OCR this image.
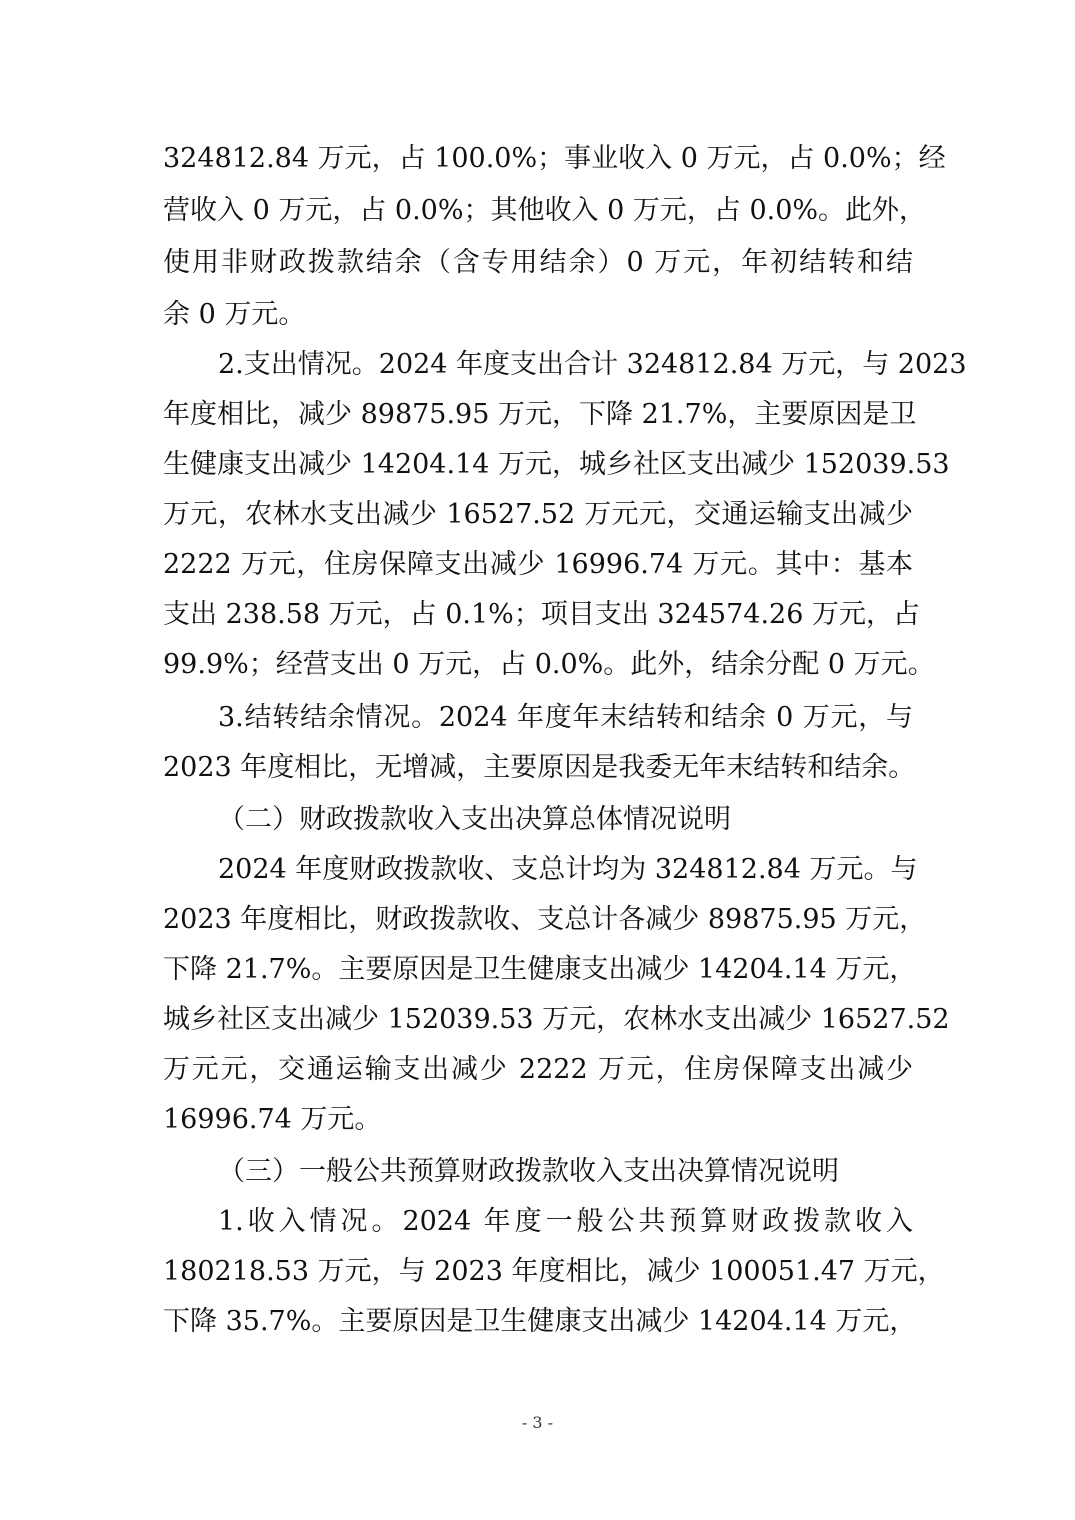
324812.84 万元，占 100.0%；事业收入 0 万元，占 0.0%；经
营收入 0 万元，占 0.0%；其他收入 0 万元，占 0.0%。此外，
使用非财政拨款结余（含专用结余）0 万元，年初结转和结
余 0 万元。
2.支出情况。2024 年度支出合计 324812.84 万元，与 2023
年度相比，减少 89875.95 万元，下降 21.7%，主要原因是卫
生健康支出减少 14204.14 万元，城乡社区支出减少 152039.53
万元，农林水支出减少 16527.52 万元元，交通运输支出减少
2222 万元，住房保障支出减少 16996.74 万元。其中：基本
支出 238.58 万元，占 0.1%；项目支出 324574.26 万元，占
99.9%；经营支出 0 万元，占 0.0%。此外，结余分配 0 万元。
3.结转结余情况。2024 年度年末结转和结余 0 万元，与
2023 年度相比，无增减，主要原因是我委无年末结转和结余。
（二）财政拨款收入支出决算总体情况说明
2024 年度财政拨款收、支总计均为 324812.84 万元。与
2023 年度相比，财政拨款收、支总计各减少 89875.95 万元，
下降 21.7%。主要原因是卫生健康支出减少 14204.14 万元，
城乡社区支出减少 152039.53 万元，农林水支出减少 16527.52
万元元，交通运输支出减少 2222 万元，住房保障支出减少
16996.74 万元。
（三）一般公共预算财政拨款收入支出决算情况说明
1.收入情况。2024 年度一般公共预算财政拨款收入
180218.53 万元，与 2023 年度相比，减少 100051.47 万元，
下降 35.7%。主要原因是卫生健康支出减少 14204.14 万元，
- 3 -
